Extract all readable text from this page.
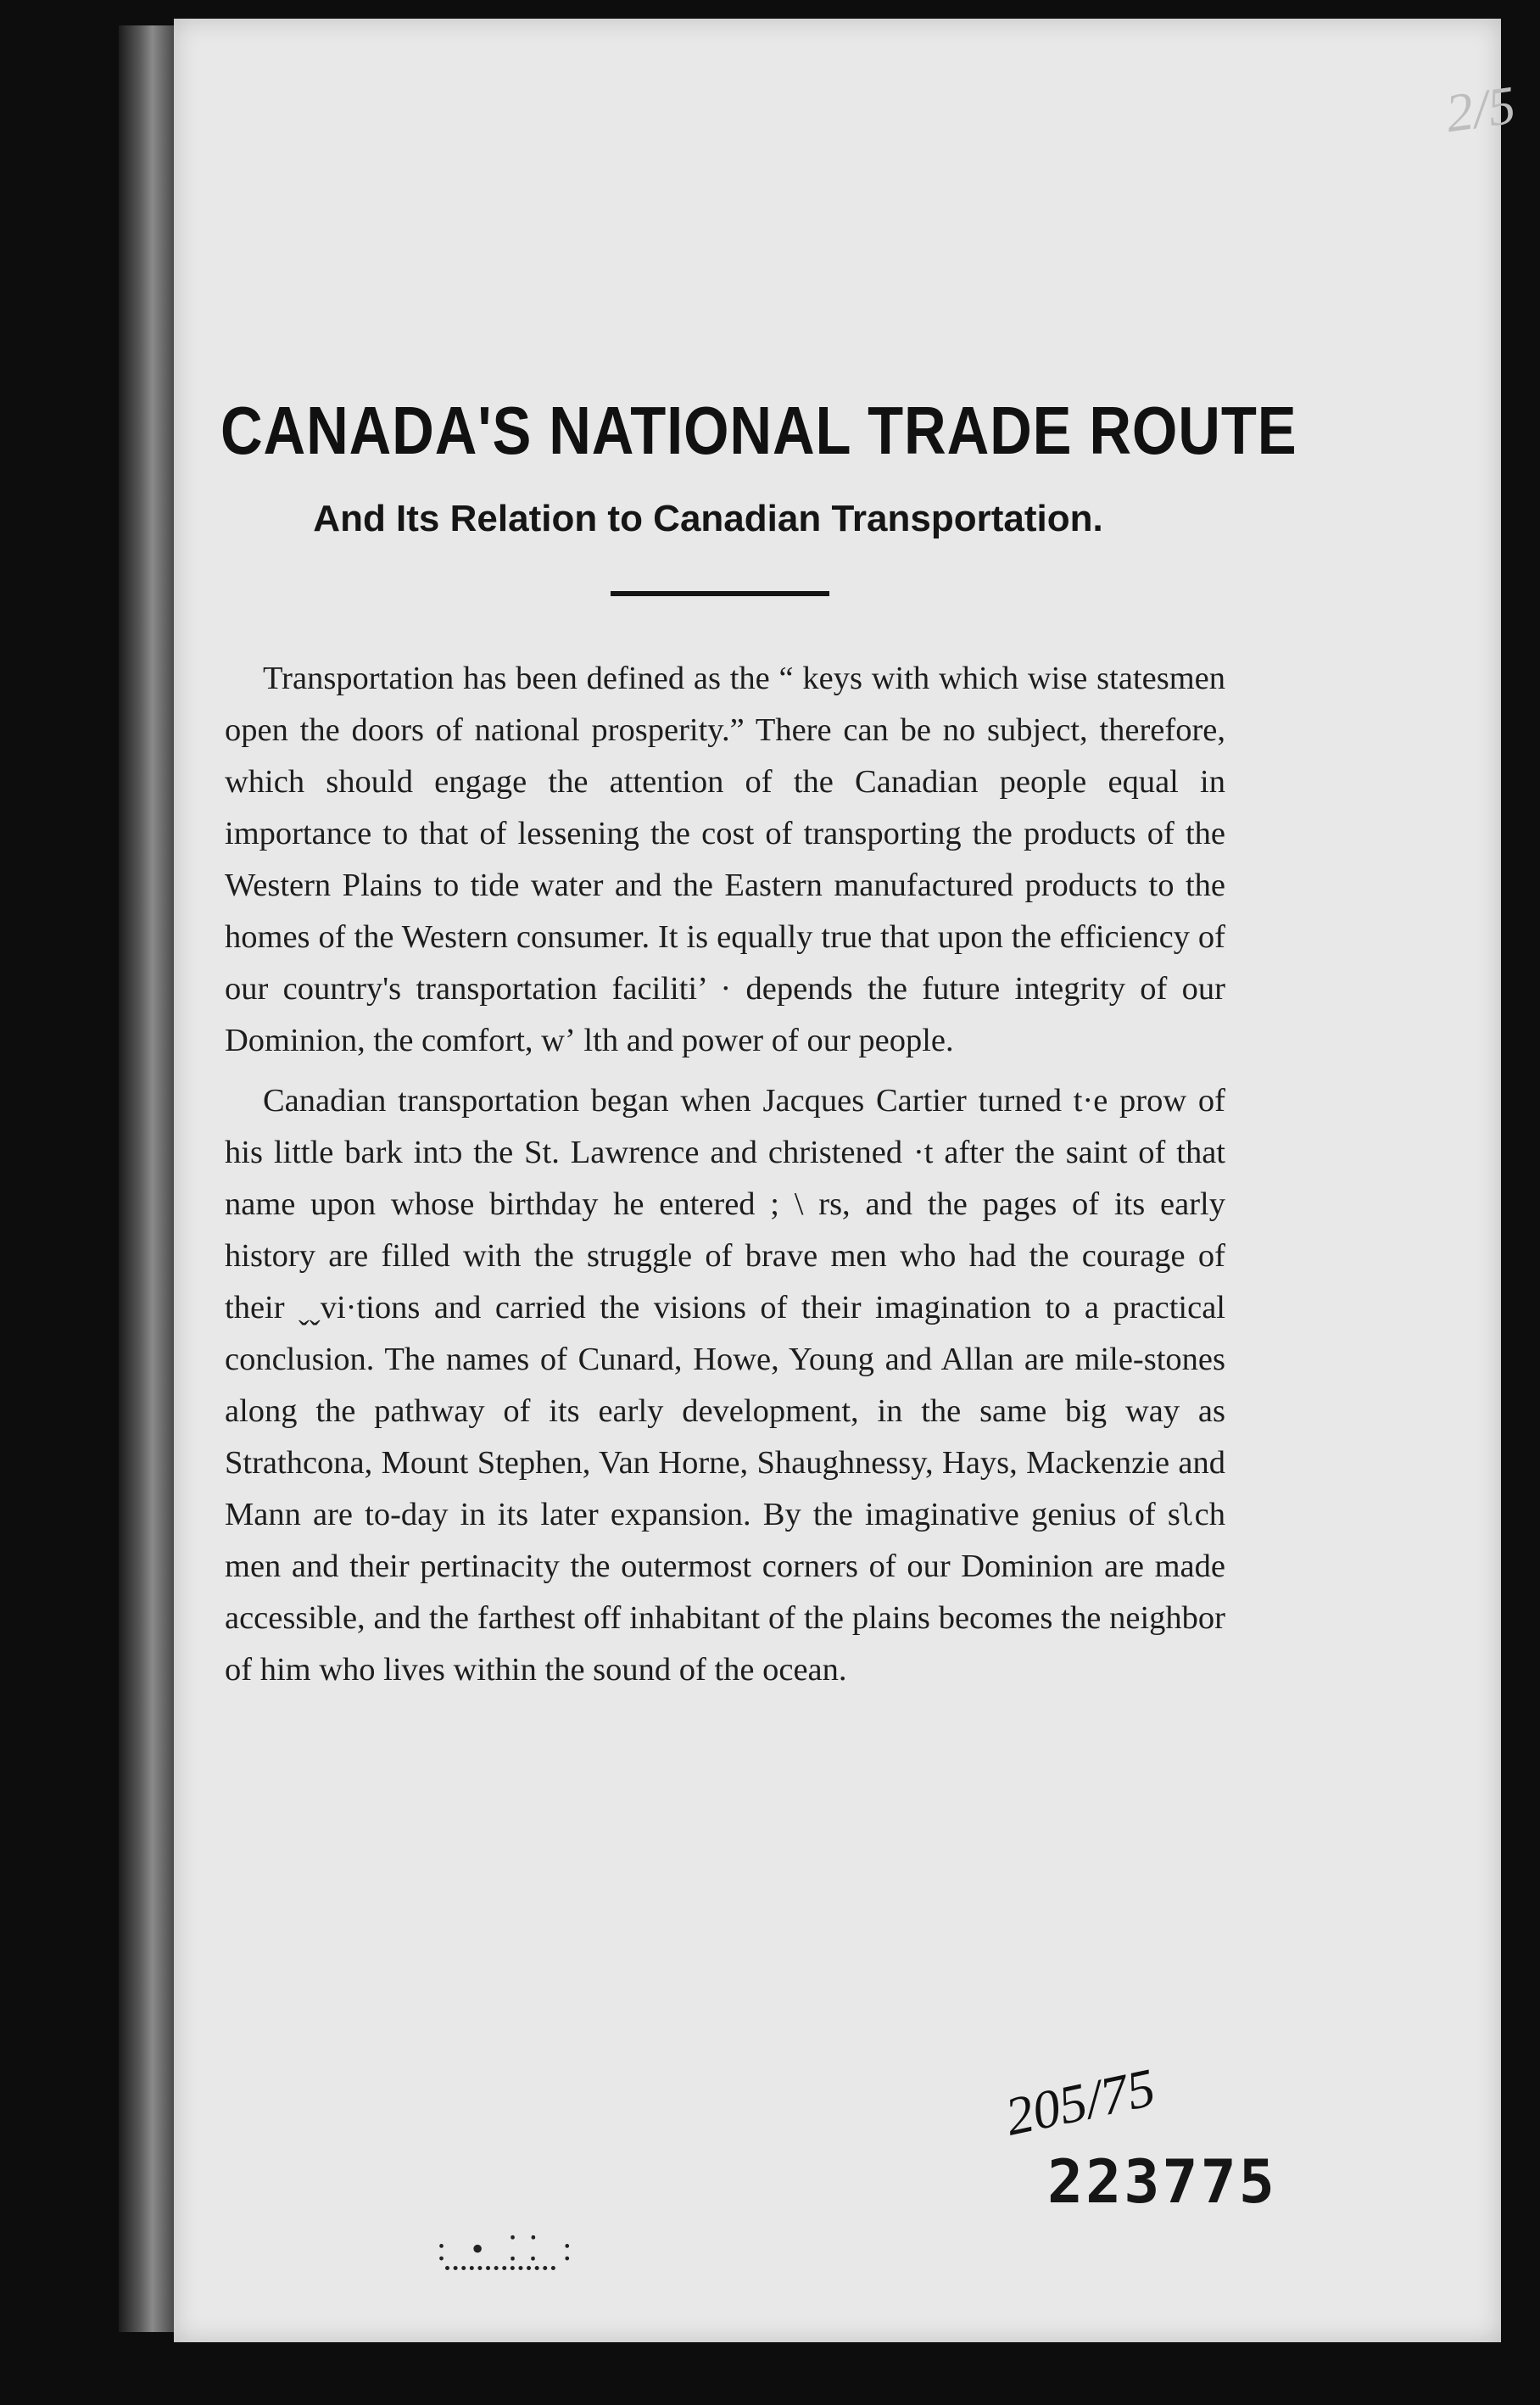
2/5
CANADA'S NATIONAL TRADE ROUTE
And Its Relation to Canadian Transportation.

Transportation has been defined as the “ keys with which wise statesmen open the doors of national prosperity.” There can be no subject, therefore, which should engage the attention of the Canadian people equal in importance to that of lessening the cost of transporting the products of the Western Plains to tide water and the Eastern manufactured products to the homes of the Western consumer. It is equally true that upon the efficiency of our country's transportation faciliti’ · depends the future integrity of our Dominion, the comfort, wʼ lth and power of our people.

Canadian transportation began when Jacques Cartier turned t·e prow of his little bark intɔ the St. Lawrence and christened ·t after the saint of that name upon whose birthday he entered ; \ rs, and the pages of its early history are filled with the struggle of brave men who had the courage of their ˬˬvi·tions and carried the visions of their imagination to a practical conclusion. The names of Cunard, Howe, Young and Allan are mile-stones along the pathway of its early development, in the same big way as Strathcona, Mount Stephen, Van Horne, Shaughnessy, Hays, Mackenzie and Mann are to-day in its later expansion. By the imaginative genius of sʅch men and their pertinacity the outermost corners of our Dominion are made accessible, and the farthest off inhabitant of the plains becomes the neighbor of him who lives within the sound of the ocean.

205/75
223775
: • ⸬ :
